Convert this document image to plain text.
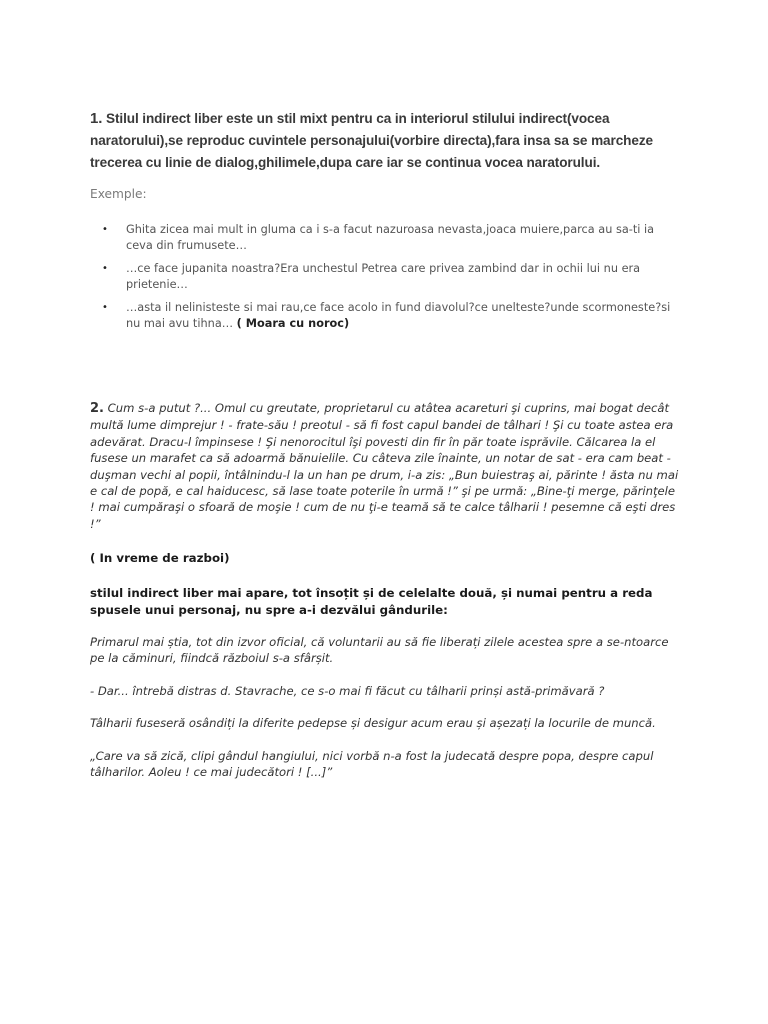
1. Stilul indirect liber este un stil mixt pentru ca in interiorul stilului indirect(vocea naratorului),se reproduc cuvintele personajului(vorbire directa),fara insa sa se marcheze trecerea cu linie de dialog,ghilimele,dupa care iar se continua vocea naratorului.
Exemple:
• Ghita zicea mai mult in gluma ca i s-a facut nazuroasa nevasta,joaca muiere,parca au sa-ti ia ceva din frumusete…
• …ce face jupanita noastra?Era unchestul Petrea care privea zambind dar in ochii lui nu era prietenie…
• …asta il nelinisteste si mai rau,ce face acolo in fund diavolul?ce unelteste?unde scormoneste?si nu mai avu tihna… ( Moara cu noroc)
2. Cum s-a putut ?... Omul cu greutate, proprietarul cu atâtea acareturi şi cuprins, mai bogat decât multă lume dimprejur ! - frate-său ! preotul - să fi fost capul bandei de tâlhari ! Şi cu toate astea era adevărat. Dracu-l împinsese ! Şi nenorocitul îşi povesti din fir în păr toate isprăvile. Călcarea la el fusese un marafet ca să adoarmă bănuielile. Cu câteva zile înainte, un notar de sat - era cam beat - duşman vechi al popii, întâlnindu-l la un han pe drum, i-a zis: „Bun buiestraş ai, părinte ! ăsta nu mai e cal de popă, e cal haiducesc, să lase toate poterile în urmă !” şi pe urmă: „Bine-ţi merge, părinţele ! mai cumpăraşi o sfoară de moşie ! cum de nu ţi-e teamă să te calce tâlharii ! pesemne că eşti dres !”
( In vreme de razboi)
stilul indirect liber mai apare, tot însoțit și de celelalte două, și numai pentru a reda spusele unui personaj, nu spre a-i dezvălui gândurile:
Primarul mai știa, tot din izvor oficial, că voluntarii au să fie liberați zilele acestea spre a se-ntoarce pe la căminuri, fiindcă războiul s-a sfârșit.
- Dar... întrebă distras d. Stavrache, ce s-o mai fi făcut cu tâlharii prinși astă-primăvară ?
Tâlharii fuseseră osândiți la diferite pedepse și desigur acum erau și așezați la locurile de muncă.
„Care va să zică, clipi gândul hangiului, nici vorbă n-a fost la judecată despre popa, despre capul tâlharilor. Aoleu ! ce mai judecători ! [...]”
